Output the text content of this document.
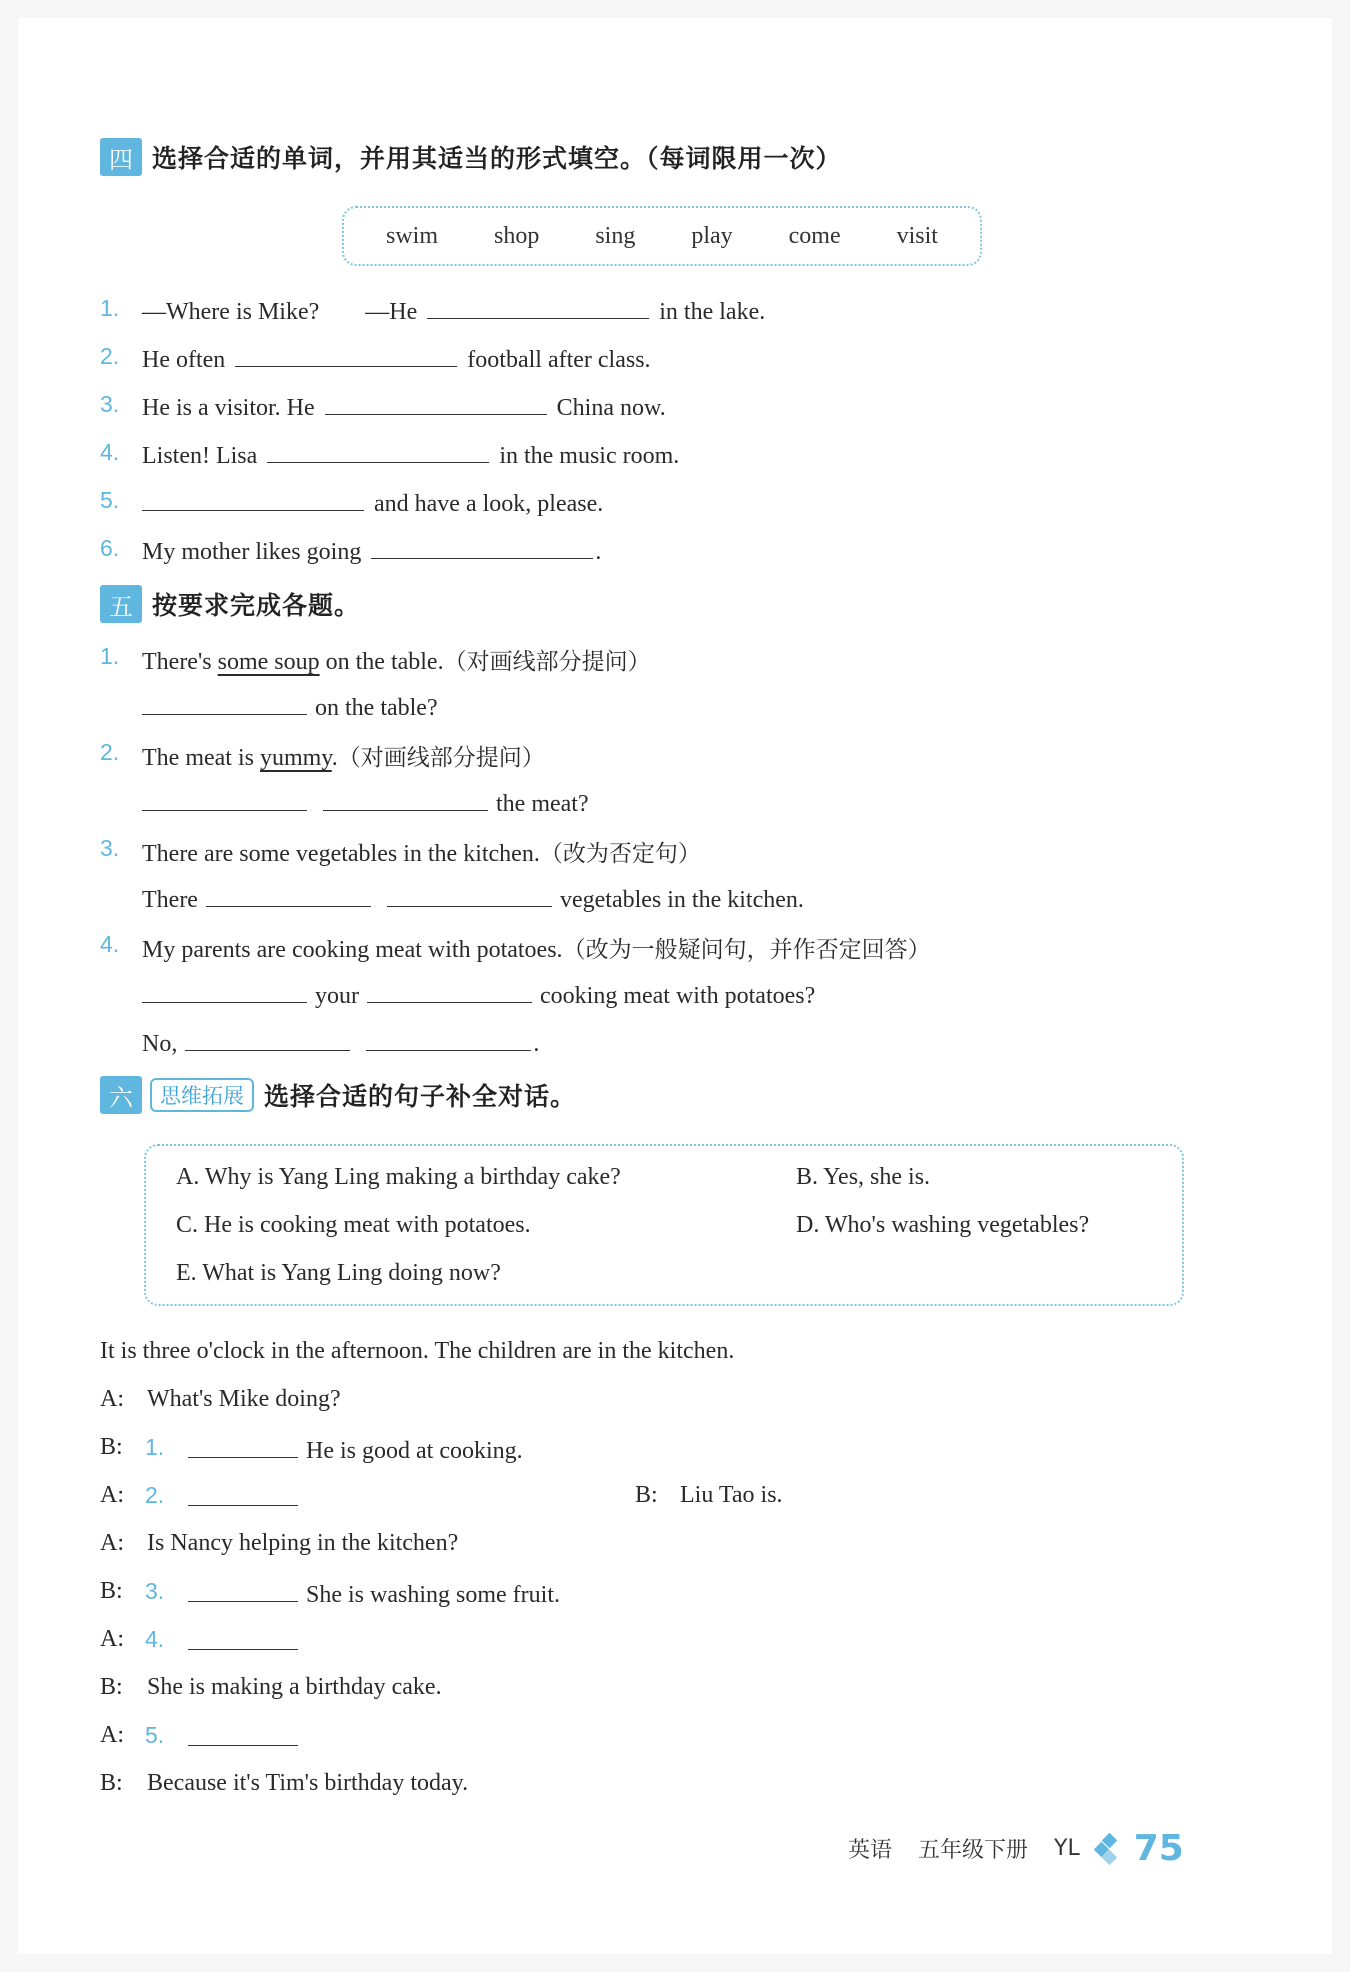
四 选择合适的单词，并用其适当的形式填空。（每词限用一次）
swim shop sing play come visit
1. —Where is Mike? —He	in the lake.
2. He often	football after class.
3. He is a visitor. He	China now.
4. Listen! Lisa	in the music room.
5.	and have a look, please.
6. My mother likes going	.
五 按要求完成各题。
1. There's some soup on the table.（对画线部分提问）
on the table?
2. The meat is yummy.（对画线部分提问）
the meat?
3. There are some vegetables in the kitchen.（改为否定句）
There	vegetables in the kitchen.
4. My parents are cooking meat with potatoes.（改为一般疑问句，并作否定回答）
your	cooking meat with potatoes?
No,	.
六	思维拓展 选择合适的句子补全对话。
A. Why is Yang Ling making a birthday cake?	B. Yes, she is.
C. He is cooking meat with potatoes.	D. Who's washing vegetables?
E. What is Yang Ling doing now?
It is three o'clock in the afternoon. The children are in the kitchen.
A: What's Mike doing?
B: 1.	He is good at cooking.
A: 2.	B: Liu Tao is.
A: Is Nancy helping in the kitchen?
B: 3.	She is washing some fruit.
A: 4.
B: She is making a birthday cake.
A: 5.
B: Because it's Tim's birthday today.
英语 五年级下册 YL 75
